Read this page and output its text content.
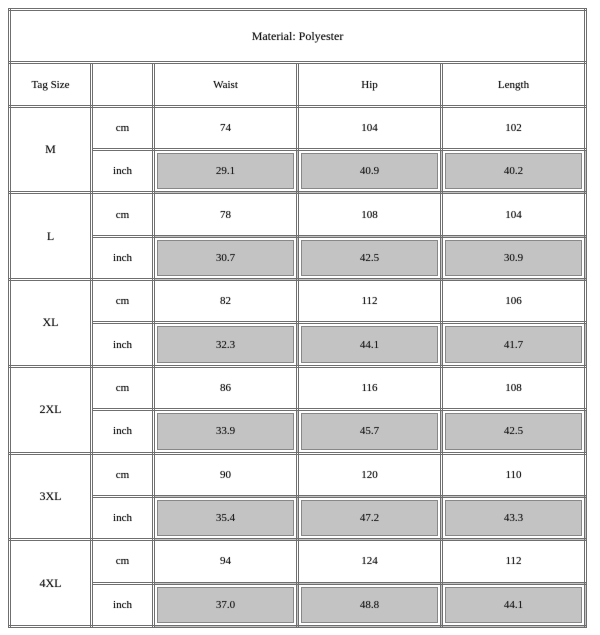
Material: Polyester				
Tag Size		Waist	Hip	Length
M	cm	74	104	102
	inch	29.1	40.9	40.2
L	cm	78	108	104
	inch	30.7	42.5	30.9
XL	cm	82	112	106
	inch	32.3	44.1	41.7
2XL	cm	86	116	108
	inch	33.9	45.7	42.5
3XL	cm	90	120	110
	inch	35.4	47.2	43.3
4XL	cm	94	124	112
	inch	37.0	48.8	44.1
